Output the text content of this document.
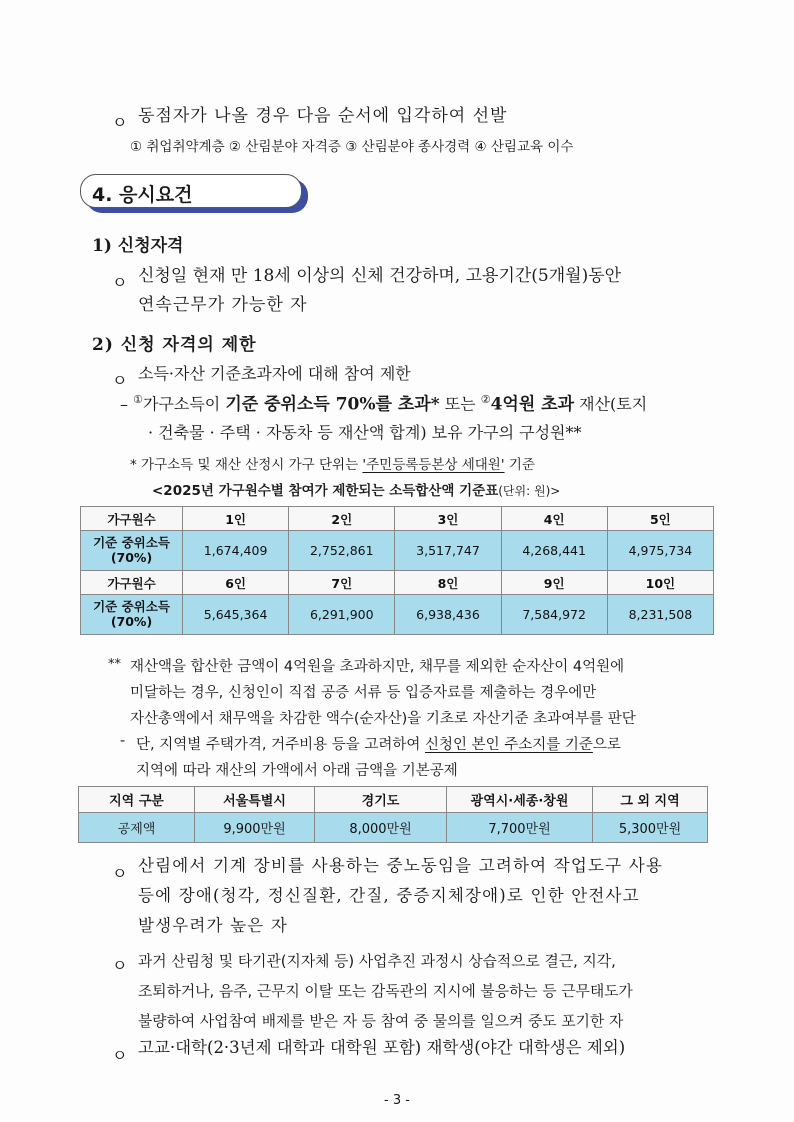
ㅇ 동점자가 나올 경우 다음 순서에 입각하여 선발
① 취업취약계층 ② 산림분야 자격증 ③ 산림분야 종사경력 ④ 산림교육 이수
4. 응시요건
1) 신청자격
ㅇ 신청일 현재 만 18세 이상의 신체 건강하며, 고용기간(5개월)동안
연속근무가 가능한 자
2) 신청 자격의 제한
ㅇ 소득·자산 기준초과자에 대해 참여 제한
– ①가구소득이 기준 중위소득 70%를 초과* 또는 ②4억원 초과 재산(토지
· 건축물 · 주택 · 자동차 등 재산액 합계) 보유 가구의 구성원**
* 가구소득 및 재산 산정시 가구 단위는 '주민등록등본상 세대원' 기준
<2025년 가구원수별 참여가 제한되는 소득합산액 기준표(단위: 원)>
가구원수	1인	2인	3인	4인	5인
기준 중위소득
(70%)	1,674,409	2,752,861	3,517,747	4,268,441	4,975,734
가구원수	6인	7인	8인	9인	10인
기준 중위소득
(70%)	5,645,364	6,291,900	6,938,436	7,584,972	8,231,508
** 재산액을 합산한 금액이 4억원을 초과하지만, 채무를 제외한 순자산이 4억원에
미달하는 경우, 신청인이 직접 공증 서류 등 입증자료를 제출하는 경우에만
자산총액에서 채무액을 차감한 액수(순자산)을 기초로 자산기준 초과여부를 판단
- 단, 지역별 주택가격, 거주비용 등을 고려하여 신청인 본인 주소지를 기준으로
지역에 따라 재산의 가액에서 아래 금액을 기본공제
지역 구분	서울특별시	경기도	광역시·세종·창원	그 외 지역
공제액	9,900만원	8,000만원	7,700만원	5,300만원
ㅇ 산림에서 기계 장비를 사용하는 중노동임을 고려하여 작업도구 사용
등에 장애(청각, 정신질환, 간질, 중증지체장애)로 인한 안전사고
발생우려가 높은 자
ㅇ 과거 산림청 및 타기관(지자체 등) 사업추진 과정시 상습적으로 결근, 지각,
조퇴하거나, 음주, 근무지 이탈 또는 감독관의 지시에 불응하는 등 근무태도가
불량하여 사업참여 배제를 받은 자 등 참여 중 물의를 일으켜 중도 포기한 자
ㅇ 고교·대학(2·3년제 대학과 대학원 포함) 재학생(야간 대학생은 제외)
- 3 -
